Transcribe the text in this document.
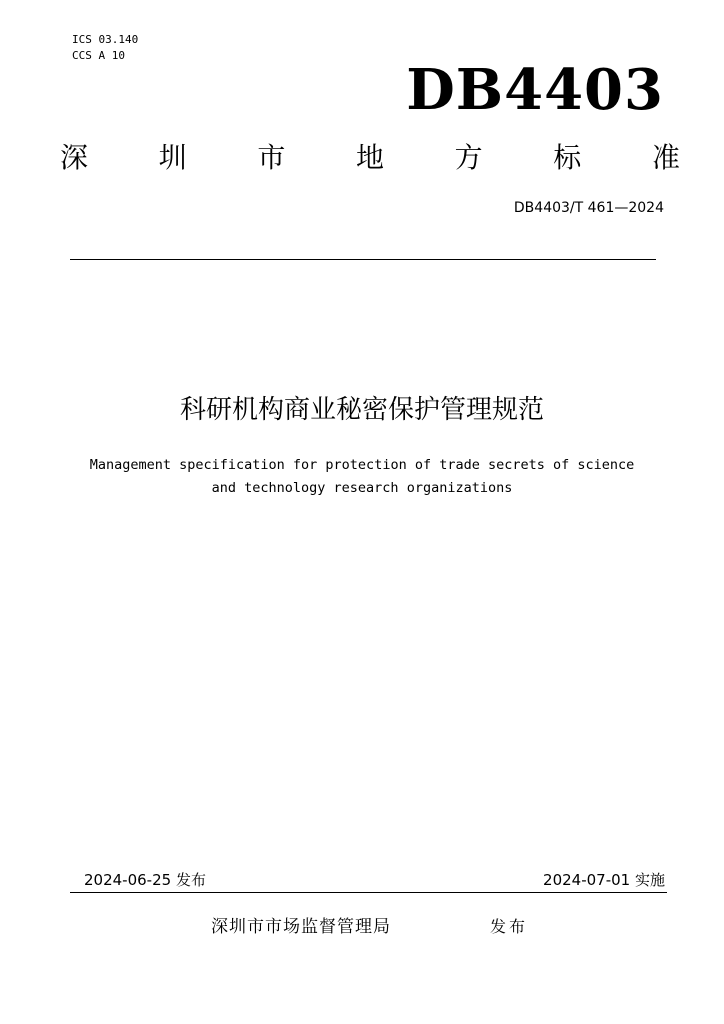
ICS 03.140
CCS A 10
DB4403
深	圳	市	地	方	标	准
DB4403/T 461—2024
科研机构商业秘密保护管理规范
Management specification for protection of trade secrets of science
and technology research organizations
2024-06-25 发布	2024-07-01 实施
深圳市市场监督管理局	发布
